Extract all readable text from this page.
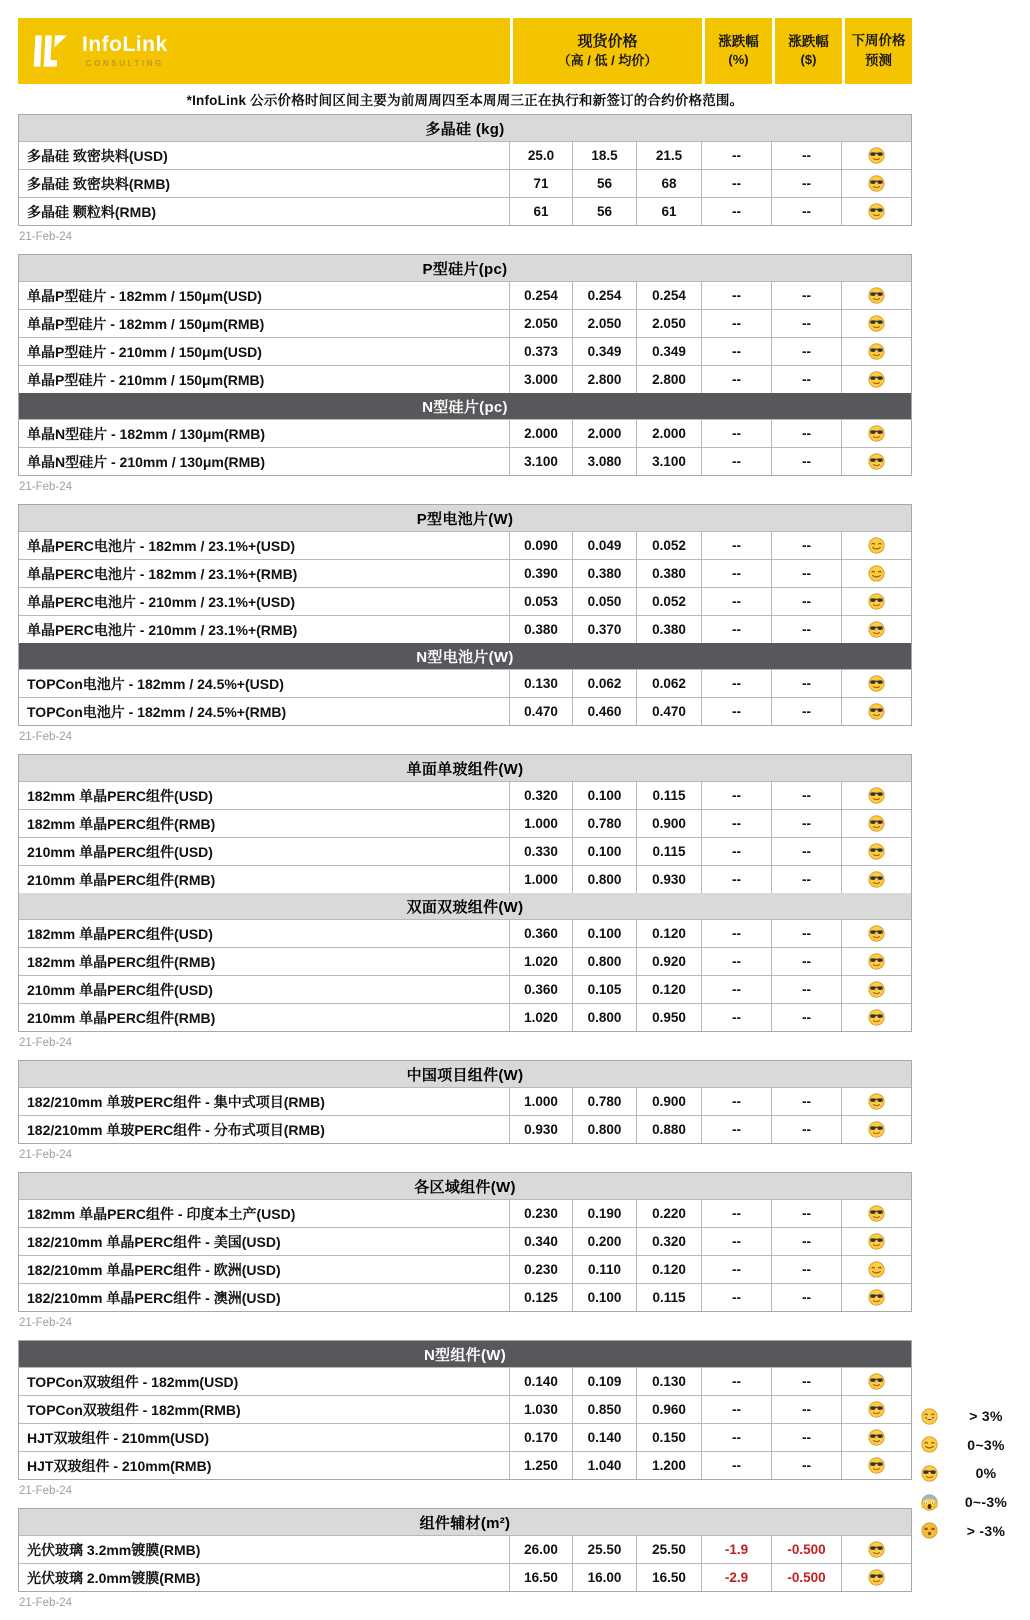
InfoLink
CONSULTING
现货价格
（高 / 低 / 均价）
涨跌幅
(%)
涨跌幅
($)
下周价格
预测
*InfoLink 公示价格时间区间主要为前周周四至本周周三正在执行和新签订的合约价格范围。
多晶硅 (kg)
多晶硅 致密块料(USD)	25.0	18.5	21.5	--	--
多晶硅 致密块料(RMB)	71	56	68	--	--
多晶硅 颗粒料(RMB)	61	56	61	--	--
21-Feb-24
P型硅片(pc)
单晶P型硅片 - 182mm / 150μm(USD)	0.254	0.254	0.254	--	--
单晶P型硅片 - 182mm / 150μm(RMB)	2.050	2.050	2.050	--	--
单晶P型硅片 - 210mm / 150μm(USD)	0.373	0.349	0.349	--	--
单晶P型硅片 - 210mm / 150μm(RMB)	3.000	2.800	2.800	--	--
N型硅片(pc)
单晶N型硅片 - 182mm / 130μm(RMB)	2.000	2.000	2.000	--	--
单晶N型硅片 - 210mm / 130μm(RMB)	3.100	3.080	3.100	--	--
21-Feb-24
P型电池片(W)
单晶PERC电池片 - 182mm / 23.1%+(USD)	0.090	0.049	0.052	--	--
单晶PERC电池片 - 182mm / 23.1%+(RMB)	0.390	0.380	0.380	--	--
单晶PERC电池片 - 210mm / 23.1%+(USD)	0.053	0.050	0.052	--	--
单晶PERC电池片 - 210mm / 23.1%+(RMB)	0.380	0.370	0.380	--	--
N型电池片(W)
TOPCon电池片 - 182mm / 24.5%+(USD)	0.130	0.062	0.062	--	--
TOPCon电池片 - 182mm / 24.5%+(RMB)	0.470	0.460	0.470	--	--
21-Feb-24
单面单玻组件(W)
182mm 单晶PERC组件(USD)	0.320	0.100	0.115	--	--
182mm 单晶PERC组件(RMB)	1.000	0.780	0.900	--	--
210mm 单晶PERC组件(USD)	0.330	0.100	0.115	--	--
210mm 单晶PERC组件(RMB)	1.000	0.800	0.930	--	--
双面双玻组件(W)
182mm 单晶PERC组件(USD)	0.360	0.100	0.120	--	--
182mm 单晶PERC组件(RMB)	1.020	0.800	0.920	--	--
210mm 单晶PERC组件(USD)	0.360	0.105	0.120	--	--
210mm 单晶PERC组件(RMB)	1.020	0.800	0.950	--	--
21-Feb-24
中国项目组件(W)
182/210mm 单玻PERC组件 - 集中式项目(RMB)	1.000	0.780	0.900	--	--
182/210mm 单玻PERC组件 - 分布式项目(RMB)	0.930	0.800	0.880	--	--
21-Feb-24
各区域组件(W)
182mm 单晶PERC组件 - 印度本土产(USD)	0.230	0.190	0.220	--	--
182/210mm 单晶PERC组件 - 美国(USD)	0.340	0.200	0.320	--	--
182/210mm 单晶PERC组件 - 欧洲(USD)	0.230	0.110	0.120	--	--
182/210mm 单晶PERC组件 - 澳洲(USD)	0.125	0.100	0.115	--	--
21-Feb-24
N型组件(W)
TOPCon双玻组件 - 182mm(USD)	0.140	0.109	0.130	--	--
TOPCon双玻组件 - 182mm(RMB)	1.030	0.850	0.960	--	--
HJT双玻组件 - 210mm(USD)	0.170	0.140	0.150	--	--
HJT双玻组件 - 210mm(RMB)	1.250	1.040	1.200	--	--
21-Feb-24
组件辅材(m²)
光伏玻璃 3.2mm镀膜(RMB)	26.00	25.50	25.50	-1.9	-0.500
光伏玻璃 2.0mm镀膜(RMB)	16.50	16.00	16.50	-2.9	-0.500
21-Feb-24
> 3%
0~3%
0%
0~-3%
> -3%
